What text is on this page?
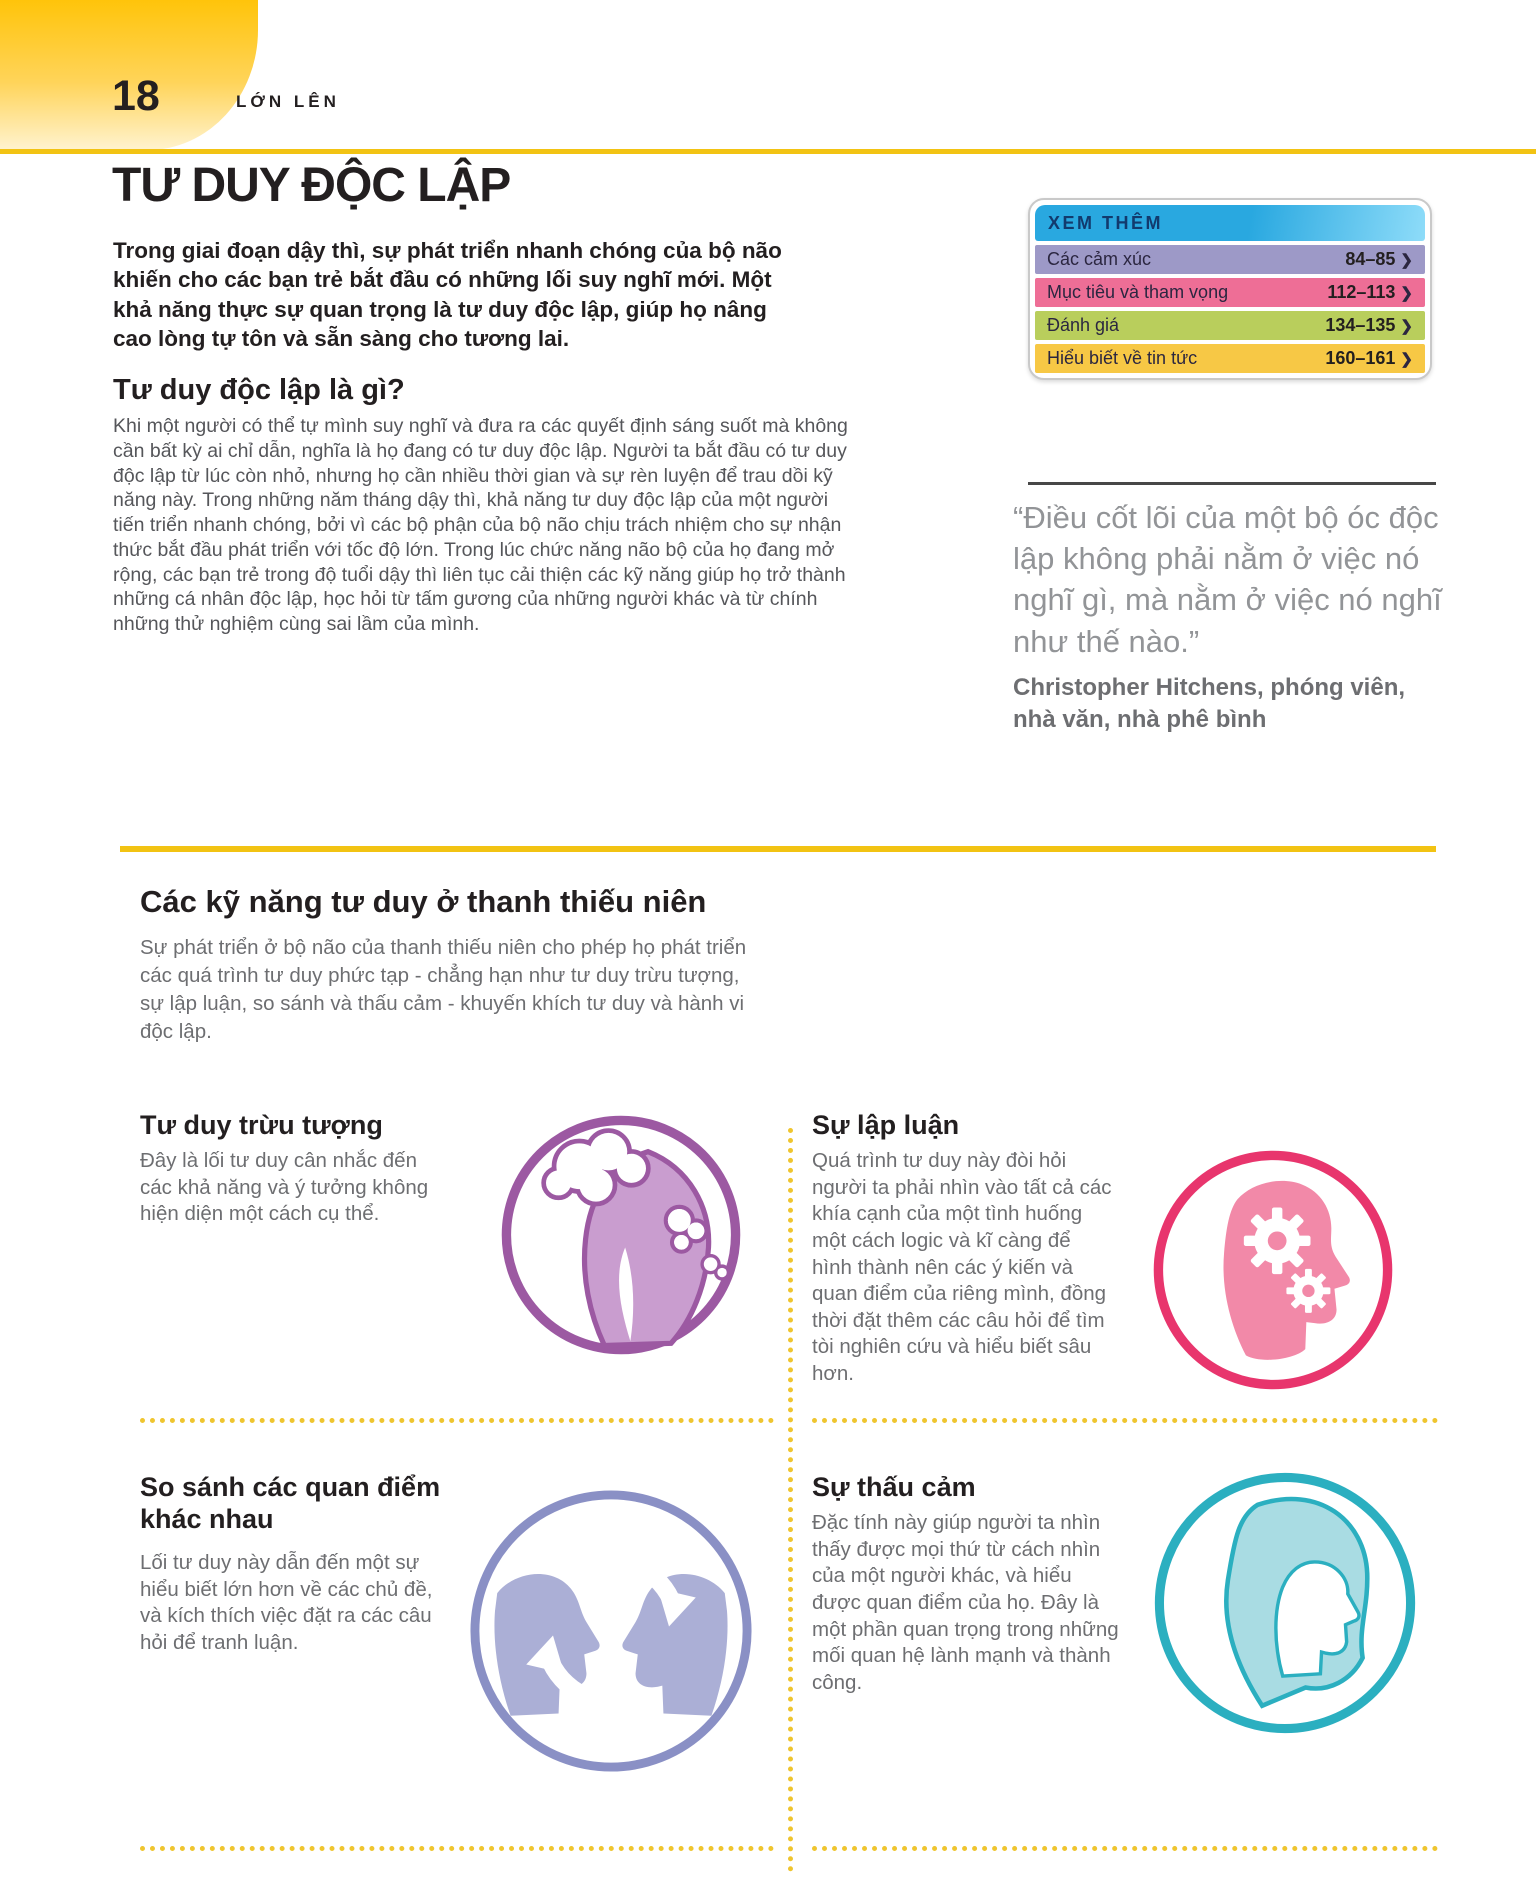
18	LỚN LÊN
TƯ DUY ĐỘC LẬP

Trong giai đoạn dậy thì, sự phát triển nhanh chóng của bộ não khiến cho các bạn trẻ bắt đầu có những lối suy nghĩ mới. Một khả năng thực sự quan trọng là tư duy độc lập, giúp họ nâng cao lòng tự tôn và sẵn sàng cho tương lai.

Tư duy độc lập là gì?

Khi một người có thể tự mình suy nghĩ và đưa ra các quyết định sáng suốt mà không cần bất kỳ ai chỉ dẫn, nghĩa là họ đang có tư duy độc lập. Người ta bắt đầu có tư duy độc lập từ lúc còn nhỏ, nhưng họ cần nhiều thời gian và sự rèn luyện để trau dồi kỹ năng này. Trong những năm tháng dậy thì, khả năng tư duy độc lập của một người tiến triển nhanh chóng, bởi vì các bộ phận của bộ não chịu trách nhiệm cho sự nhận thức bắt đầu phát triển với tốc độ lớn. Trong lúc chức năng não bộ của họ đang mở rộng, các bạn trẻ trong độ tuổi dậy thì liên tục cải thiện các kỹ năng giúp họ trở thành những cá nhân độc lập, học hỏi từ tấm gương của những người khác và từ chính những thử nghiệm cùng sai lầm của mình.

XEM THÊM
Các cảm xúc	84–85 ❯
Mục tiêu và tham vọng	112–113 ❯
Đánh giá	134–135 ❯
Hiểu biết về tin tức	160–161 ❯
“Điều cốt lõi của một bộ óc độc lập không phải nằm ở việc nó nghĩ gì, mà nằm ở việc nó nghĩ như thế nào.”
Christopher Hitchens, phóng viên, nhà văn, nhà phê bình
Các kỹ năng tư duy ở thanh thiếu niên

Sự phát triển ở bộ não của thanh thiếu niên cho phép họ phát triển các quá trình tư duy phức tạp - chẳng hạn như tư duy trừu tượng, sự lập luận, so sánh và thấu cảm - khuyến khích tư duy và hành vi độc lập.

Tư duy trừu tượng

Đây là lối tư duy cân nhắc đến các khả năng và ý tưởng không hiện diện một cách cụ thể.

Sự lập luận

Quá trình tư duy này đòi hỏi người ta phải nhìn vào tất cả các khía cạnh của một tình huống một cách logic và kĩ càng để hình thành nên các ý kiến và quan điểm của riêng mình, đồng thời đặt thêm các câu hỏi để tìm tòi nghiên cứu và hiểu biết sâu hơn.

So sánh các quan điểm khác nhau

Lối tư duy này dẫn đến một sự hiểu biết lớn hơn về các chủ đề, và kích thích việc đặt ra các câu hỏi để tranh luận.

Sự thấu cảm

Đặc tính này giúp người ta nhìn thấy được mọi thứ từ cách nhìn của một người khác, và hiểu được quan điểm của họ. Đây là một phần quan trọng trong những mối quan hệ lành mạnh và thành công.
